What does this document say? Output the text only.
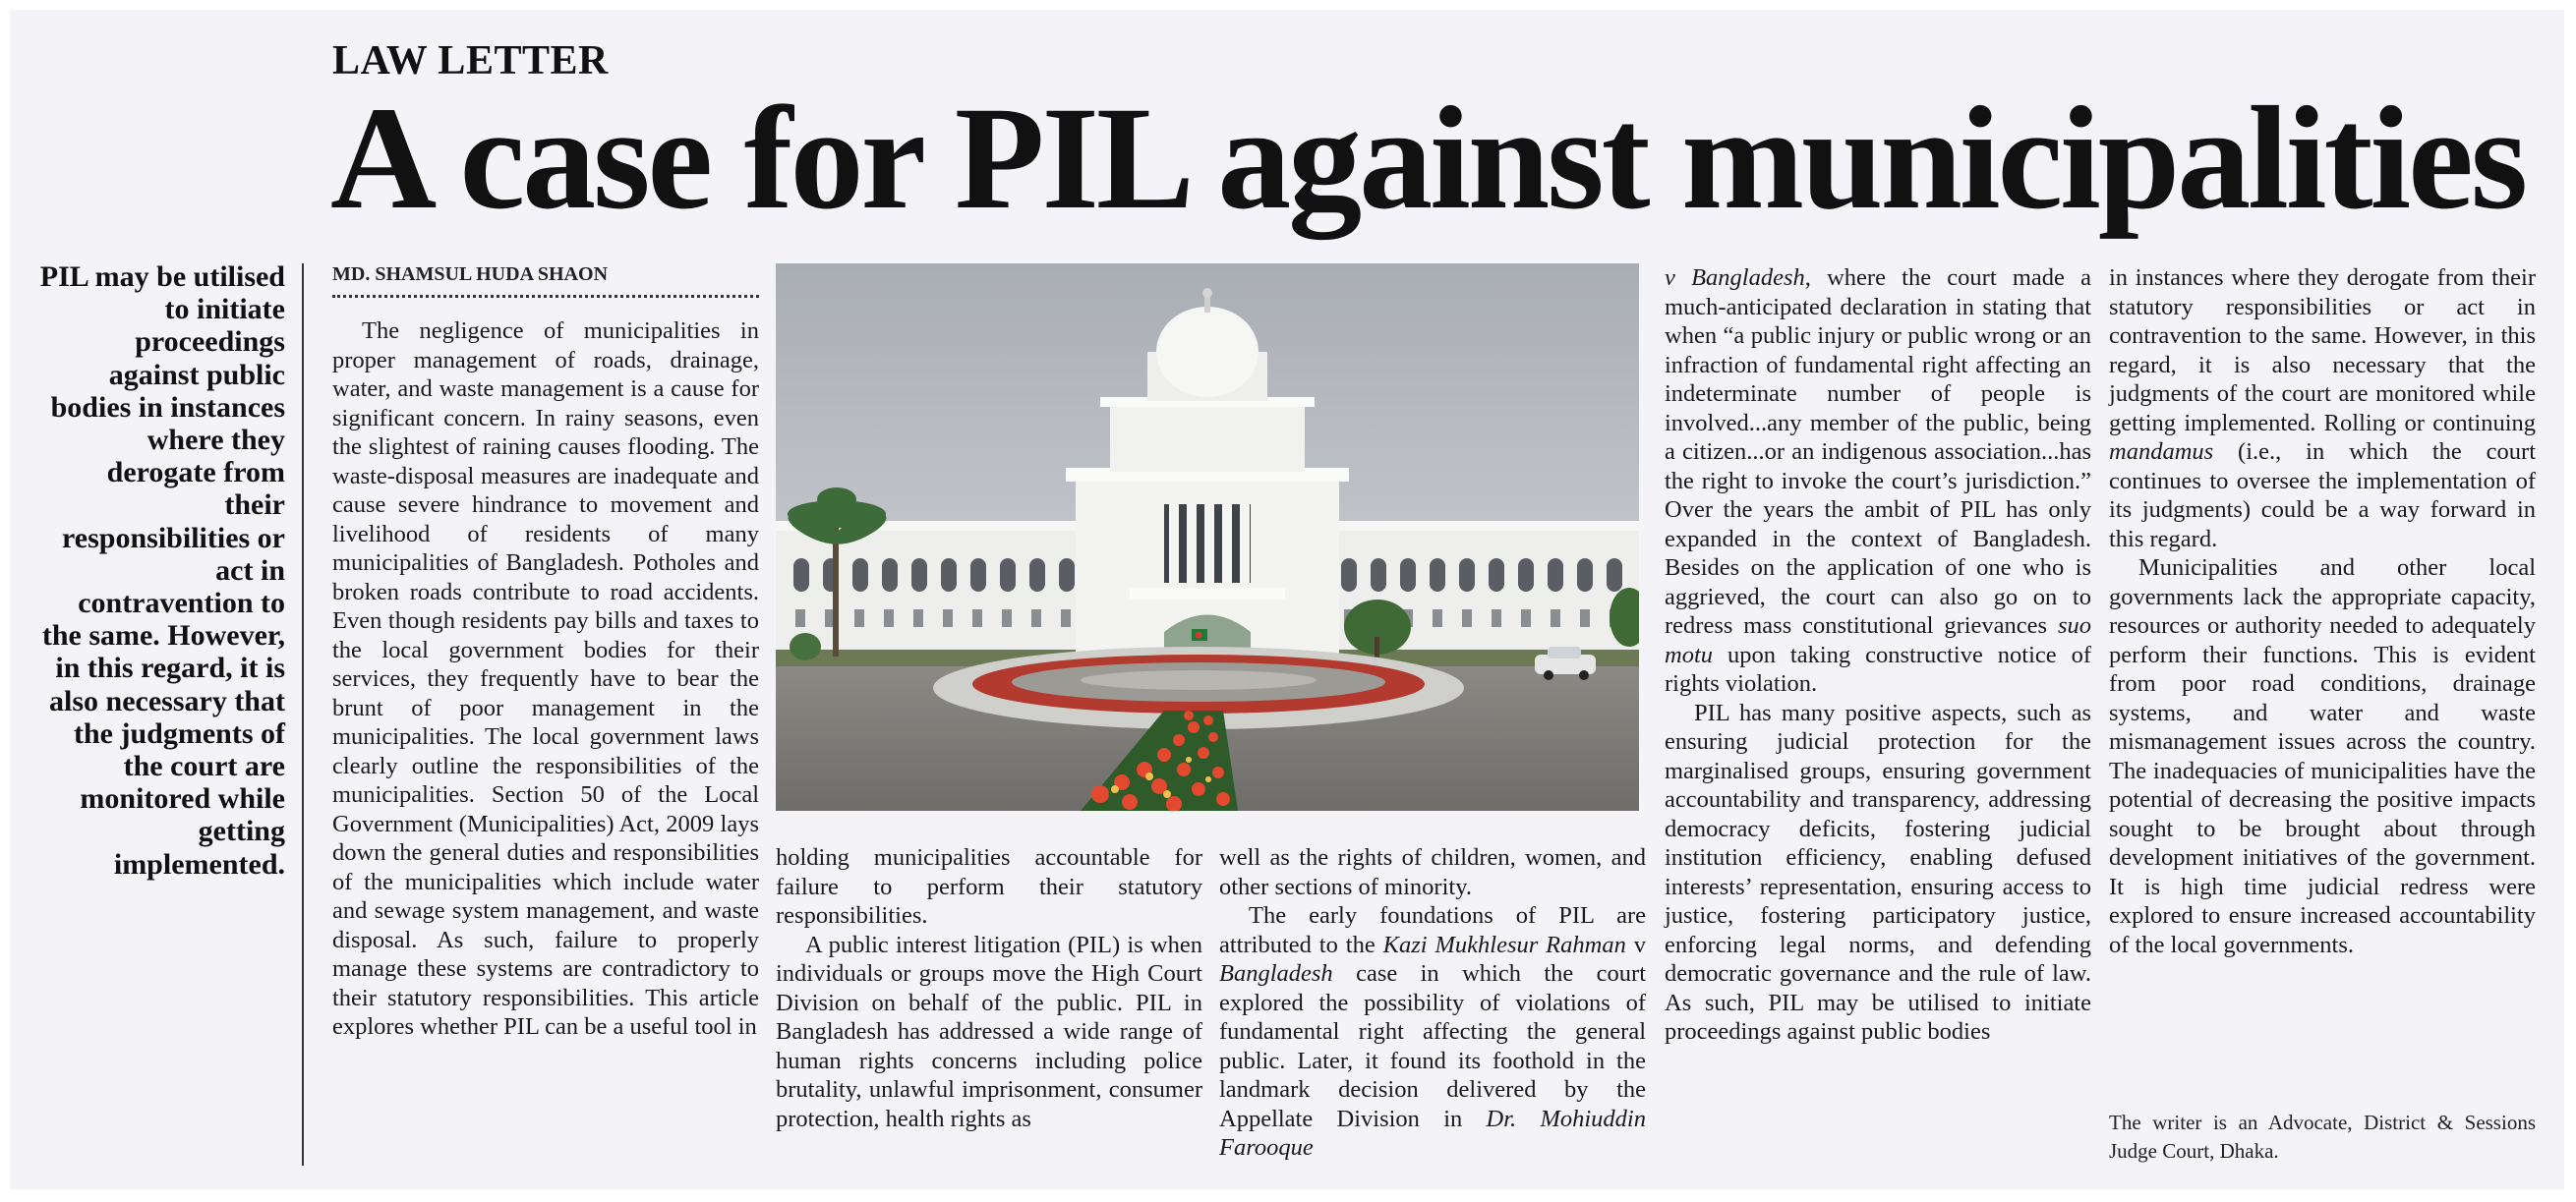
LAW LETTER
A case for PIL against municipalities
PIL may be utilised to initiate proceedings against public bodies in instances where they derogate from their responsibilities or act in contravention to the same. However, in this regard, it is also necessary that the judgments of the court are monitored while getting implemented.
MD. SHAMSUL HUDA SHAON

The negligence of municipalities in proper management of roads, drainage, water, and waste management is a cause for significant concern. In rainy seasons, even the slightest of raining causes flooding. The waste-disposal measures are inadequate and cause severe hindrance to movement and livelihood of residents of many municipalities of Bangladesh. Potholes and broken roads contribute to road accidents. Even though residents pay bills and taxes to the local government bodies for their services, they frequently have to bear the brunt of poor management in the municipalities. The local government laws clearly outline the responsibilities of the municipalities. Section 50 of the Local Government (Municipalities) Act, 2009 lays down the general duties and responsibilities of the municipalities which include water and sewage system management, and waste disposal. As such, failure to properly manage these systems are contradictory to their statutory responsibilities. This article explores whether PIL can be a useful tool in

holding municipalities accountable for failure to perform their statutory responsibilities.

A public interest litigation (PIL) is when individuals or groups move the High Court Division on behalf of the public. PIL in Bangladesh has addressed a wide range of human rights concerns including police brutality, unlawful imprisonment, consumer protection, health rights as

well as the rights of children, women, and other sections of minority.

The early foundations of PIL are attributed to the Kazi Mukhlesur Rahman v Bangladesh case in which the court explored the possibility of violations of fundamental right affecting the general public. Later, it found its foothold in the landmark decision delivered by the Appellate Division in Dr. Mohiuddin Farooque

v Bangladesh, where the court made a much-anticipated declaration in stating that when “a public injury or public wrong or an infraction of fundamental right affecting an indeterminate number of people is involved...any member of the public, being a citizen...or an indigenous association...has the right to invoke the court’s jurisdiction.” Over the years the ambit of PIL has only expanded in the context of Bangladesh. Besides on the application of one who is aggrieved, the court can also go on to redress mass constitutional grievances suo motu upon taking constructive notice of rights violation.

PIL has many positive aspects, such as ensuring judicial protection for the marginalised groups, ensuring government accountability and transparency, addressing democracy deficits, fostering judicial institution efficiency, enabling defused interests’ representation, ensuring access to justice, fostering participatory justice, enforcing legal norms, and defending democratic governance and the rule of law. As such, PIL may be utilised to initiate proceedings against public bodies

in instances where they derogate from their statutory responsibilities or act in contravention to the same. However, in this regard, it is also necessary that the judgments of the court are monitored while getting implemented. Rolling or continuing mandamus (i.e., in which the court continues to oversee the implementation of its judgments) could be a way forward in this regard.

Municipalities and other local governments lack the appropriate capacity, resources or authority needed to adequately perform their functions. This is evident from poor road conditions, drainage systems, and water and waste mismanagement issues across the country. The inadequacies of municipalities have the potential of decreasing the positive impacts sought to be brought about through development initiatives of the government. It is high time judicial redress were explored to ensure increased accountability of the local governments.

The writer is an Advocate, District & Sessions Judge Court, Dhaka.
